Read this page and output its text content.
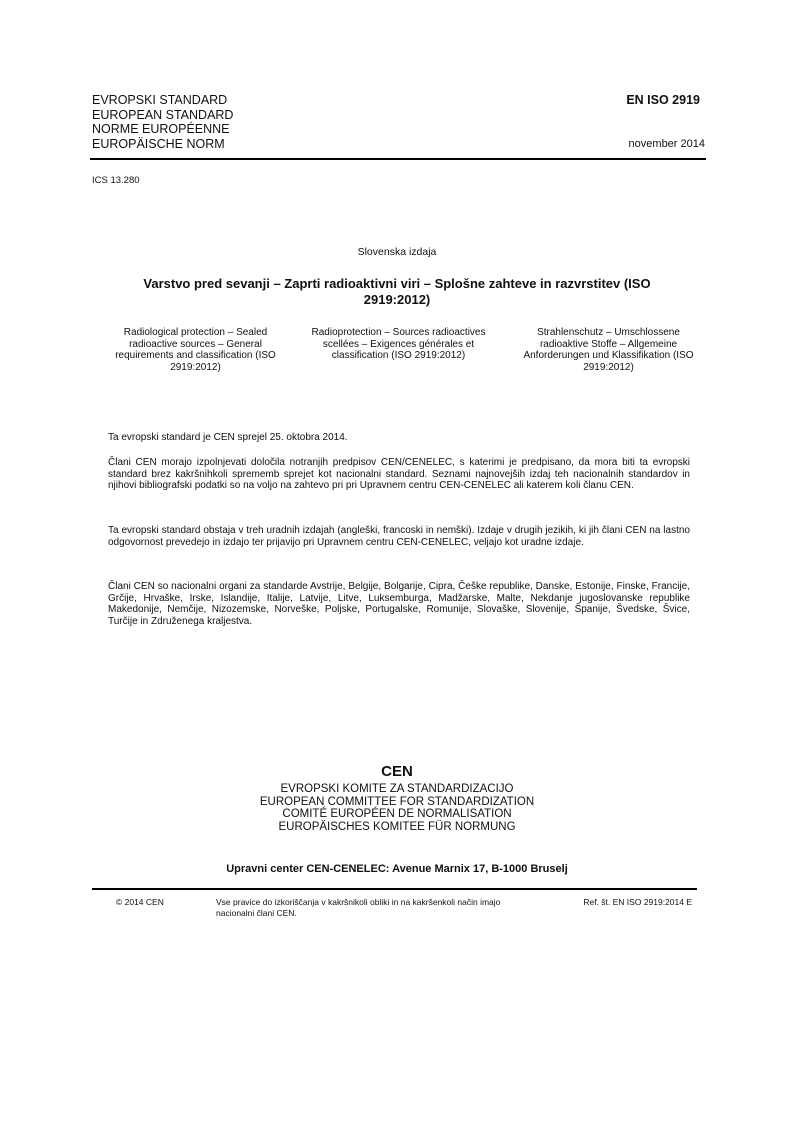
EVROPSKI STANDARD
EUROPEAN STANDARD
NORME EUROPÉENNE
EUROPÄISCHE NORM
EN ISO 2919
november 2014
ICS 13.280
Slovenska izdaja
Varstvo pred sevanji – Zaprti radioaktivni viri – Splošne zahteve in razvrstitev (ISO 2919:2012)
Radiological protection – Sealed radioactive sources – General requirements and classification (ISO 2919:2012)
Radioprotection – Sources radioactives scellées – Exigences générales et classification (ISO 2919:2012)
Strahlenschutz – Umschlossene radioaktive Stoffe – Allgemeine Anforderungen und Klassifikation (ISO 2919:2012)
Ta evropski standard je CEN sprejel 25. oktobra 2014.
Člani CEN morajo izpolnjevati določila notranjih predpisov CEN/CENELEC, s katerimi je predpisano, da mora biti ta evropski standard brez kakršnihkoli sprememb sprejet kot nacionalni standard. Seznami najnovejših izdaj teh nacionalnih standardov in njihovi bibliografski podatki so na voljo na zahtevo pri pri Upravnem centru CEN-CENELEC ali katerem koli članu CEN.
Ta evropski standard obstaja v treh uradnih izdajah (angleški, francoski in nemški). Izdaje v drugih jezikih, ki jih člani CEN na lastno odgovornost prevedejo in izdajo ter prijavijo pri Upravnem centru CEN-CENELEC, veljajo kot uradne izdaje.
Člani CEN so nacionalni organi za standarde Avstrije, Belgije, Bolgarije, Cipra, Češke republike, Danske, Estonije, Finske, Francije, Grčije, Hrvaške, Irske, Islandije, Italije, Latvije, Litve, Luksemburga, Madžarske, Malte, Nekdanje jugoslovanske republike Makedonije, Nemčije, Nizozemske, Norveške, Poljske, Portugalske, Romunije, Slovaške, Slovenije, Španije, Švedske, Švice, Turčije in Združenega kraljestva.
CEN
EVROPSKI KOMITE ZA STANDARDIZACIJO
EUROPEAN COMMITTEE FOR STANDARDIZATION
COMITÉ EUROPÉEN DE NORMALISATION
EUROPÄISCHES KOMITEE FÜR NORMUNG
Upravni center CEN-CENELEC: Avenue Marnix 17, B-1000 Bruselj
© 2014 CEN	Vse pravice do izkoriščanja v kakršnikoli obliki in na kakršenkoli način imajo nacionalni člani CEN.
Ref. št. EN ISO 2919:2014 E
